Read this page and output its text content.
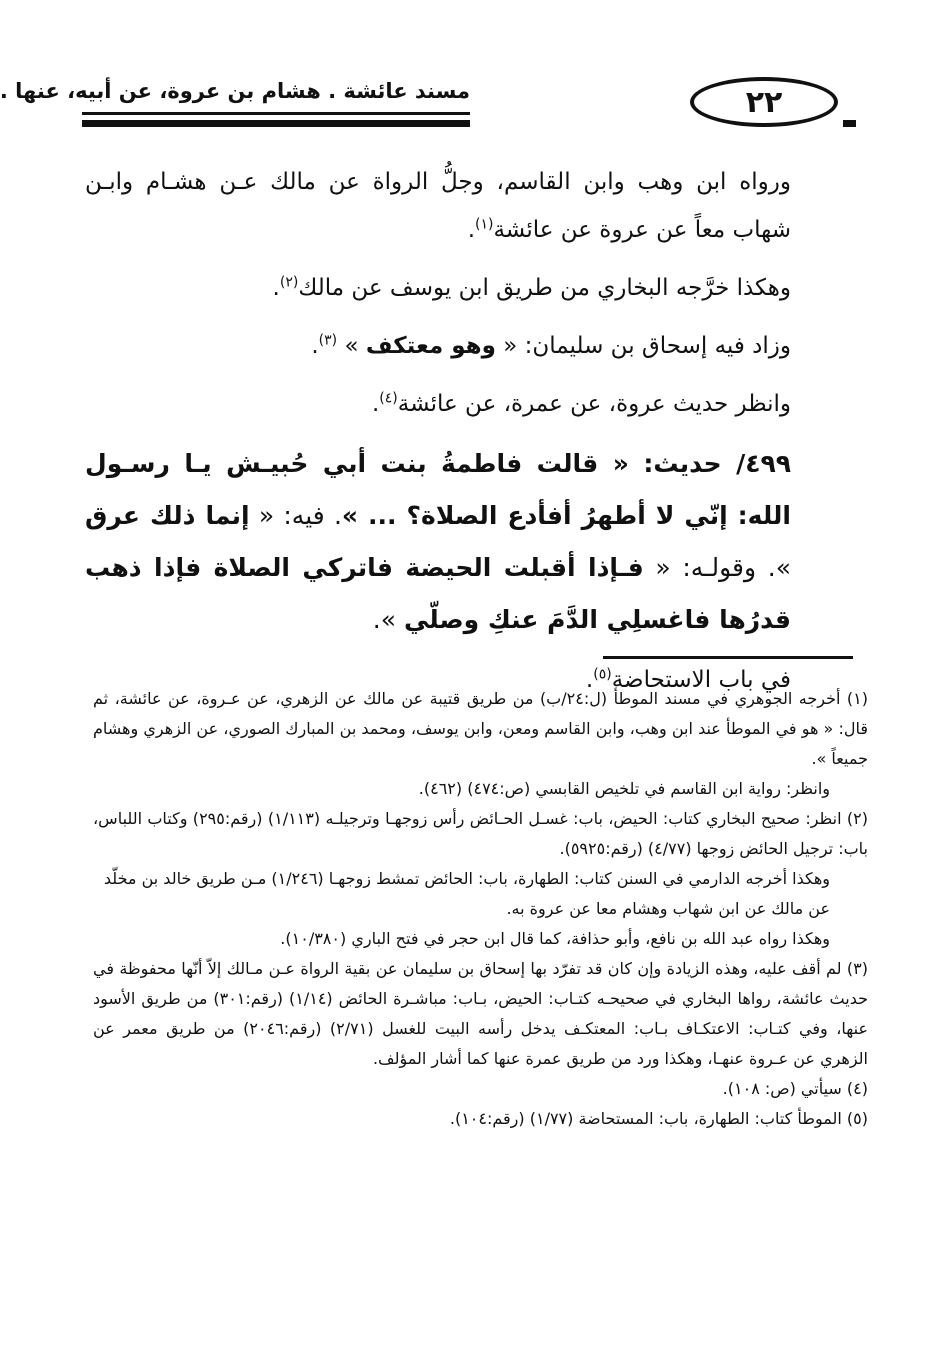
مسند عائشة . هشام بن عروة، عن أبيه، عنها .	٢٢

ورواه ابن وهب وابن القاسم، وجلُّ الرواة عن مالك عـن هشـام وابـن شهاب معاً عن عروة عن عائشة$^{(١)}$.

وهكذا خرَّجه البخاري من طريق ابن يوسف عن مالك$^{(٢)}$.

وزاد فيه إسحاق بن سليمان: « وهو معتكف » $^{(٣)}$.

وانظر حديث عروة، عن عمرة، عن عائشة$^{(٤)}$.

٤٩٩/ حديث: « قالت فاطمةُ بنت أبي حُبيـش يـا رسـول الله: إنّي لا أطهرُ أفأدع الصلاة؟ ... ». فيه: « إنما ذلك عرق ». وقولـه: « فـإذا أقبلت الحيضة فاتركي الصلاة فإذا ذهب قدرُها فاغسلِي الدَّمَ عنكِ وصلّي ».

في باب الاستحاضة$^{(٥)}$.

(١) أخرجه الجوهري في مسند الموطأ (ل:٢٤/ب) من طريق قتيبة عن مالك عن الزهري، عن عـروة، عن عائشة، ثم قال: « هو في الموطأ عند ابن وهب، وابن القاسم ومعن، وابن يوسف، ومحمد بن المبارك الصوري، عن الزهري وهشام جميعاً ».

وانظر: رواية ابن القاسم في تلخيص القابسي (ص:٤٧٤) (٤٦٢).

(٢) انظر: صحيح البخاري كتاب: الحيض، باب: غسـل الحـائض رأس زوجهـا وترجيلـه (١/١١٣) (رقم:٢٩٥) وكتاب اللباس، باب: ترجيل الحائض زوجها (٤/٧٧) (رقم:٥٩٢٥).

وهكذا أخرجه الدارمي في السنن كتاب: الطهارة، باب: الحائض تمشط زوجهـا (١/٢٤٦) مـن طريق خالد بن مخلّد عن مالك عن ابن شهاب وهشام معا عن عروة به.

وهكذا رواه عبد الله بن نافع، وأبو حذافة، كما قال ابن حجر في فتح الباري (١٠/٣٨٠).

(٣) لم أقف عليه، وهذه الزيادة وإن كان قد تفرّد بها إسحاق بن سليمان عن بقية الرواة عـن مـالك إلاّ أنّها محفوظة في حديث عائشة، رواها البخاري في صحيحـه كتـاب: الحيض، بـاب: مباشـرة الحائض (١/١٤) (رقم:٣٠١) من طريق الأسود عنها، وفي كتـاب: الاعتكـاف بـاب: المعتكـف يدخل رأسه البيت للغسل (٢/٧١) (رقم:٢٠٤٦) من طريق معمر عن الزهري عن عـروة عنهـا، وهكذا ورد من طريق عمرة عنها كما أشار المؤلف.

(٤) سيأتي (ص: ١٠٨).

(٥) الموطأ كتاب: الطهارة، باب: المستحاضة (١/٧٧) (رقم:١٠٤).
